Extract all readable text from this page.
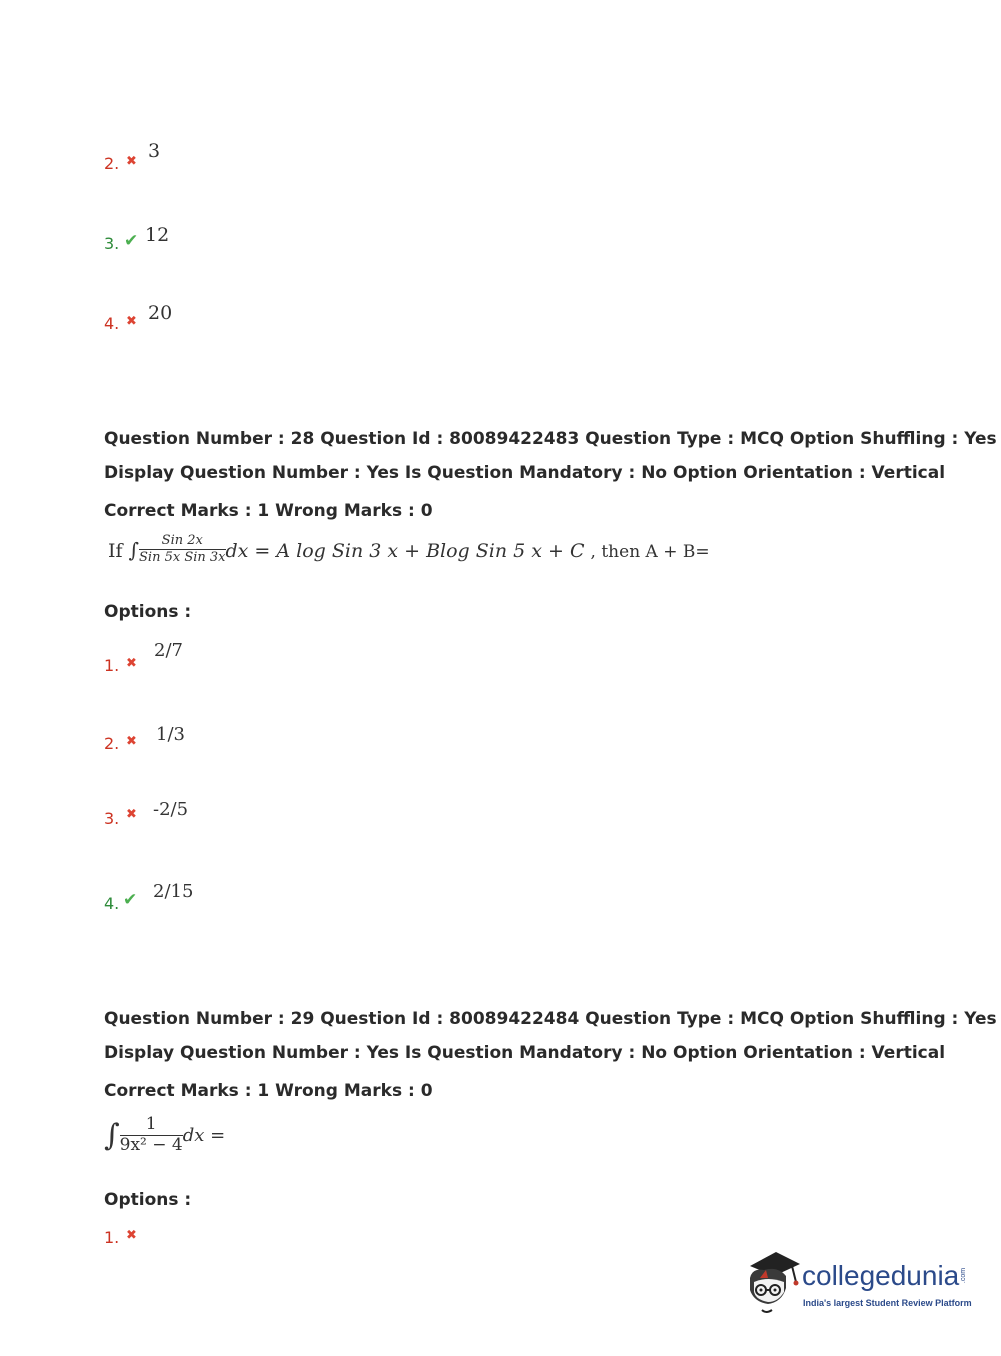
2. ✖ 3
3. ✔ 12
4. ✖ 20
Question Number : 28 Question Id : 80089422483 Question Type : MCQ Option Shuffling : Yes
Display Question Number : Yes Is Question Mandatory : No Option Orientation : Vertical
Correct Marks : 1 Wrong Marks : 0
If ∫ $\frac{\text{Sin 2x}}{\text{Sin 5x Sin 3x}}$ dx = A log Sin 3 x + Blog Sin 5 x + C , then A + B=
Options :
1. ✖
2/7
2. ✖ 1/3
3. ✖ -2/5
4. ✔ 2/15
Question Number : 29 Question Id : 80089422484 Question Type : MCQ Option Shuffling : Yes
Display Question Number : Yes Is Question Mandatory : No Option Orientation : Vertical
Correct Marks : 1 Wrong Marks : 0
∫ $\frac{1}{\text{9x² − 4}}$ dx =
Options :
1. ✖
collegedunia .com
India's largest Student Review Platform
